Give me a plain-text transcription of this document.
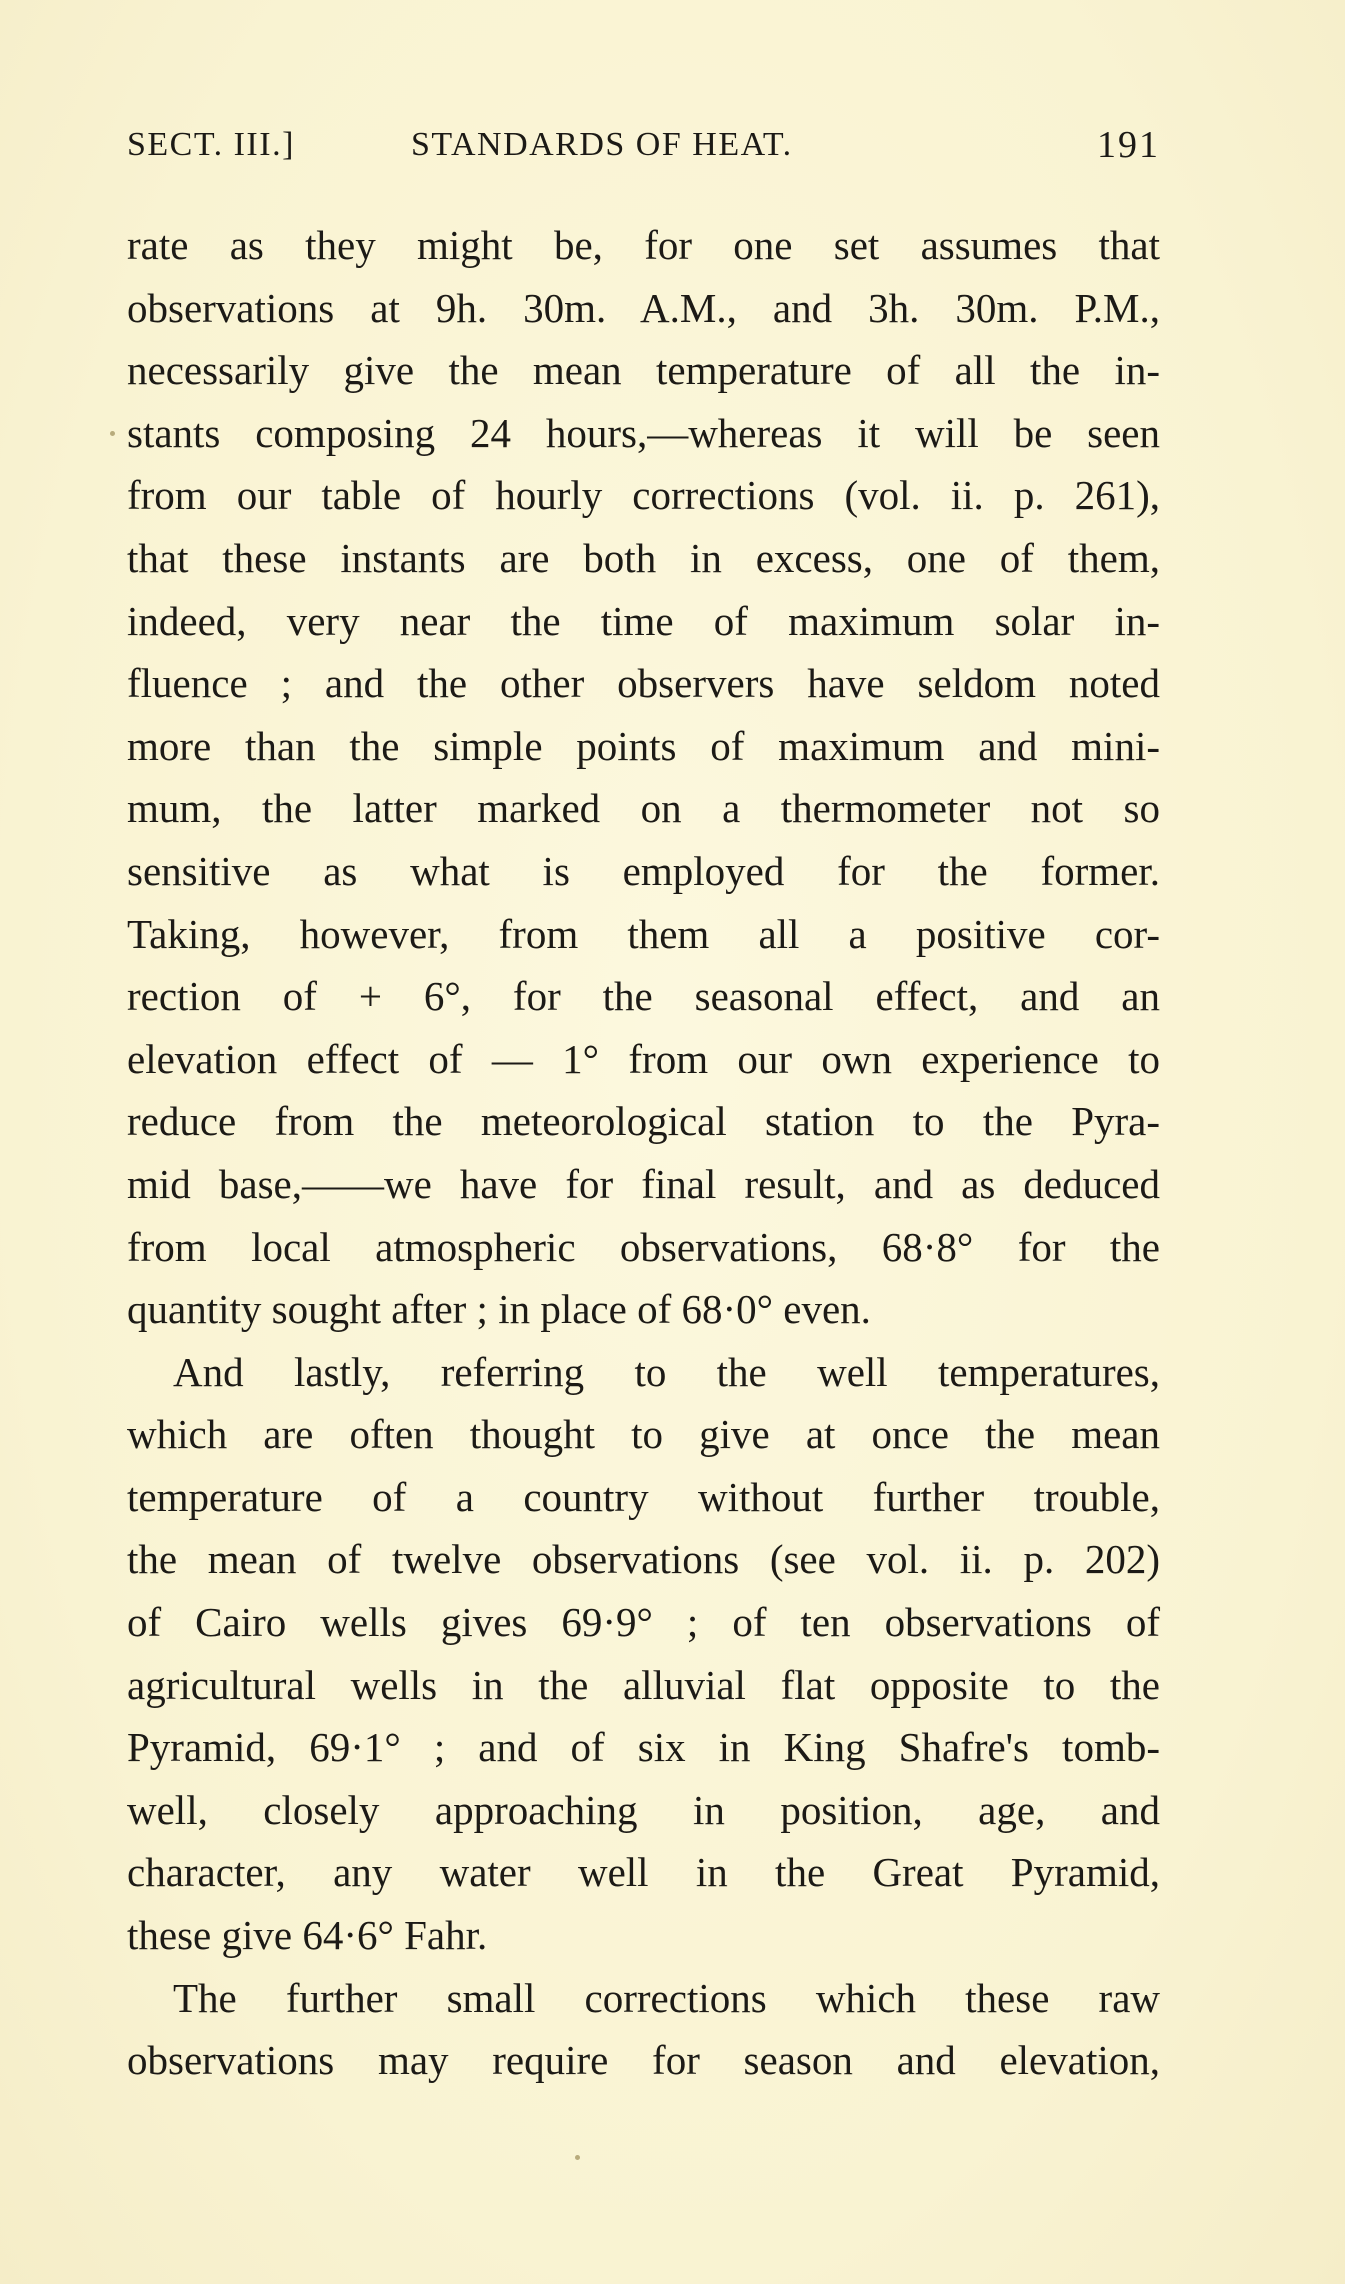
SECT. III.]	STANDARDS OF HEAT.	191
rate as they might be, for one set assumes that
observations at 9h. 30m. A.M., and 3h. 30m. P.M.,
necessarily give the mean temperature of all the in-
stants composing 24 hours,—whereas it will be seen
from our table of hourly corrections (vol. ii. p. 261),
that these instants are both in excess, one of them,
indeed, very near the time of maximum solar in-
fluence ; and the other observers have seldom noted
more than the simple points of maximum and mini-
mum, the latter marked on a thermometer not so
sensitive as what is employed for the former.
Taking, however, from them all a positive cor-
rection of + 6°, for the seasonal effect, and an
elevation effect of — 1° from our own experience to
reduce from the meteorological station to the Pyra-
mid base,——we have for final result, and as deduced
from local atmospheric observations, 68·8° for the
quantity sought after ; in place of 68·0° even.
And lastly, referring to the well temperatures,
which are often thought to give at once the mean
temperature of a country without further trouble,
the mean of twelve observations (see vol. ii. p. 202)
of Cairo wells gives 69·9° ; of ten observations of
agricultural wells in the alluvial flat opposite to the
Pyramid, 69·1° ; and of six in King Shafre's tomb-
well, closely approaching in position, age, and
character, any water well in the Great Pyramid,
these give 64·6° Fahr.
The further small corrections which these raw
observations may require for season and elevation,
